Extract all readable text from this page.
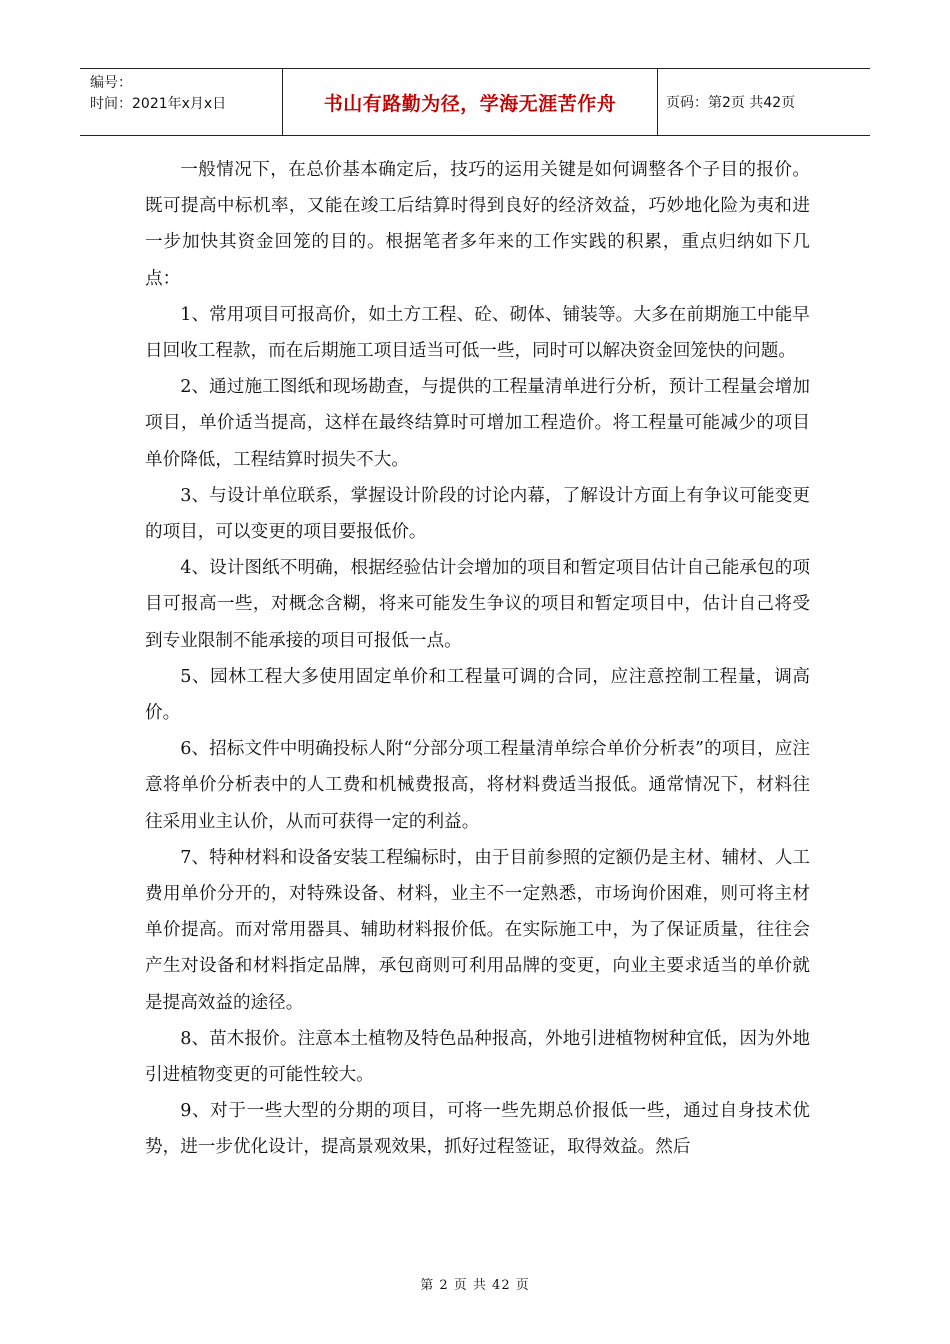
编号：
时间：2021年x月x日	书山有路勤为径，学海无涯苦作舟	页码：第2页 共42页

一般情况下，在总价基本确定后，技巧的运用关键是如何调整各个子目的报价。既可提高中标机率，又能在竣工后结算时得到良好的经济效益，巧妙地化险为夷和进一步加快其资金回笼的目的。根据笔者多年来的工作实践的积累，重点归纳如下几点：

1、常用项目可报高价，如土方工程、砼、砌体、铺装等。大多在前期施工中能早日回收工程款，而在后期施工项目适当可低一些，同时可以解决资金回笼快的问题。

2、通过施工图纸和现场勘查，与提供的工程量清单进行分析，预计工程量会增加项目，单价适当提高，这样在最终结算时可增加工程造价。将工程量可能减少的项目单价降低，工程结算时损失不大。

3、与设计单位联系，掌握设计阶段的讨论内幕，了解设计方面上有争议可能变更的项目，可以变更的项目要报低价。

4、设计图纸不明确，根据经验估计会增加的项目和暂定项目估计自己能承包的项目可报高一些，对概念含糊，将来可能发生争议的项目和暂定项目中，估计自己将受到专业限制不能承接的项目可报低一点。

5、园林工程大多使用固定单价和工程量可调的合同，应注意控制工程量，调高价。

6、招标文件中明确投标人附“分部分项工程量清单综合单价分析表”的项目，应注意将单价分析表中的人工费和机械费报高，将材料费适当报低。通常情况下，材料往往采用业主认价，从而可获得一定的利益。

7、特种材料和设备安装工程编标时，由于目前参照的定额仍是主材、辅材、人工费用单价分开的，对特殊设备、材料，业主不一定熟悉，市场询价困难，则可将主材单价提高。而对常用器具、辅助材料报价低。在实际施工中，为了保证质量，往往会产生对设备和材料指定品牌，承包商则可利用品牌的变更，向业主要求适当的单价就是提高效益的途径。

8、苗木报价。注意本土植物及特色品种报高，外地引进植物树种宜低，因为外地引进植物变更的可能性较大。

9、对于一些大型的分期的项目，可将一些先期总价报低一些，通过自身技术优势，进一步优化设计，提高景观效果，抓好过程签证，取得效益。然后

第 2 页 共 42 页
